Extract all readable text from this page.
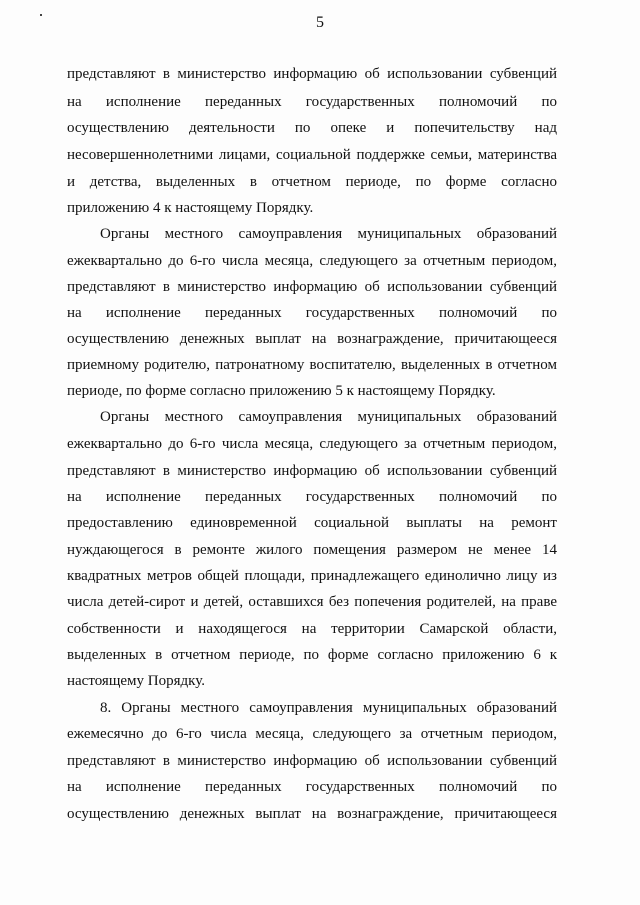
5
представляют в министерство информацию об использовании субвенций
на исполнение переданных государственных полномочий по
осуществлению деятельности по опеке и попечительству над
несовершеннолетними лицами, социальной поддержке семьи, материнства
и детства, выделенных в отчетном периоде, по форме согласно
приложению 4 к настоящему Порядку.
Органы местного самоуправления муниципальных образований
ежеквартально до 6-го числа месяца, следующего за отчетным периодом,
представляют в министерство информацию об использовании субвенций
на исполнение переданных государственных полномочий по
осуществлению денежных выплат на вознаграждение, причитающееся
приемному родителю, патронатному воспитателю, выделенных в отчетном
периоде, по форме согласно приложению 5 к настоящему Порядку.
Органы местного самоуправления муниципальных образований
ежеквартально до 6-го числа месяца, следующего за отчетным периодом,
представляют в министерство информацию об использовании субвенций
на исполнение переданных государственных полномочий по
предоставлению единовременной социальной выплаты на ремонт
нуждающегося в ремонте жилого помещения размером не менее 14
квадратных метров общей площади, принадлежащего единолично лицу из
числа детей-сирот и детей, оставшихся без попечения родителей, на праве
собственности и находящегося на территории Самарской области,
выделенных в отчетном периоде, по форме согласно приложению 6 к
настоящему Порядку.
8. Органы местного самоуправления муниципальных образований
ежемесячно до 6-го числа месяца, следующего за отчетным периодом,
представляют в министерство информацию об использовании субвенций
на исполнение переданных государственных полномочий по
осуществлению денежных выплат на вознаграждение, причитающееся
